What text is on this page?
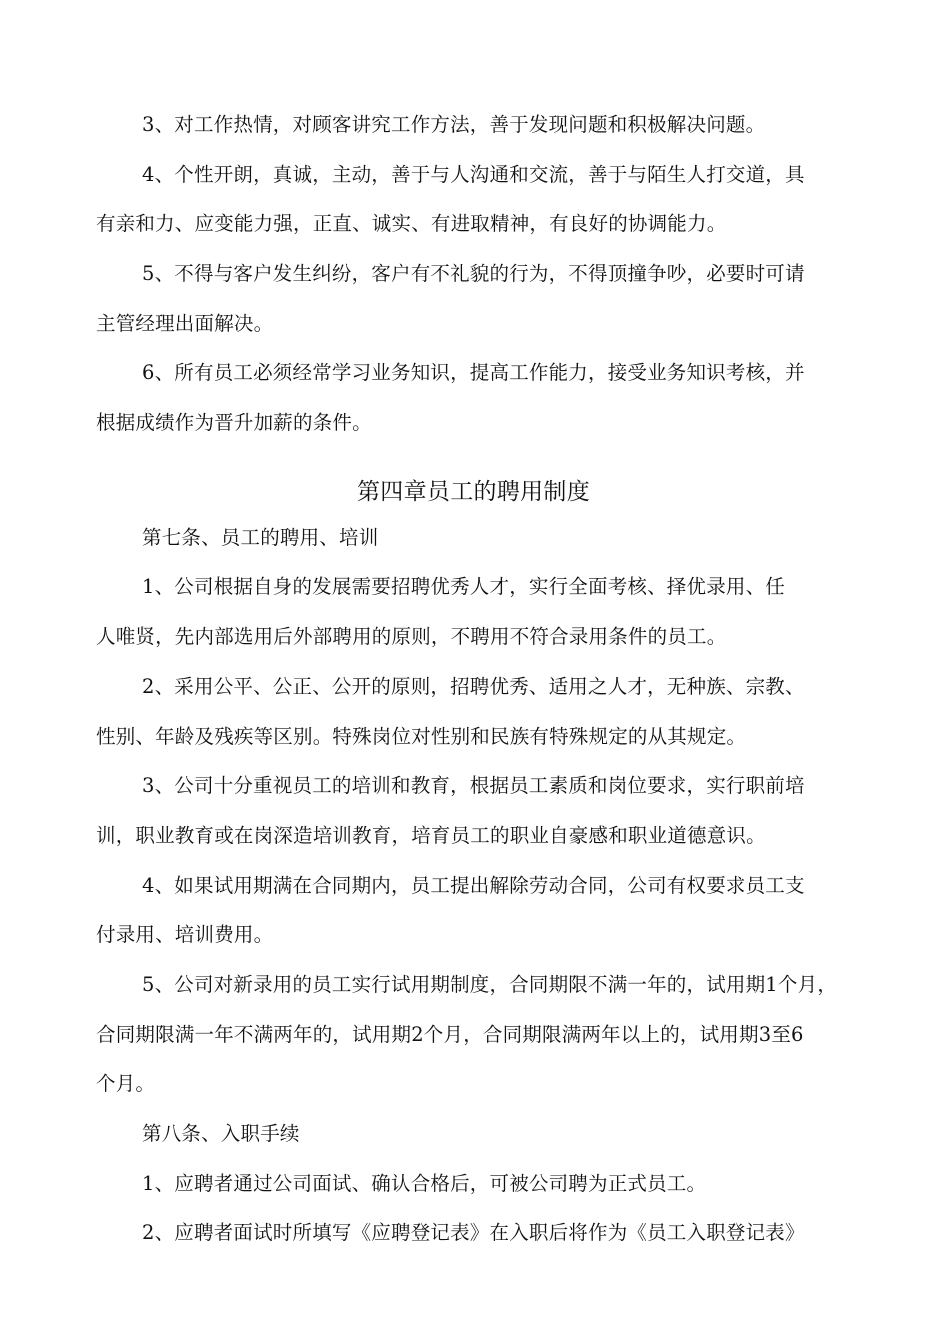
3、对工作热情，对顾客讲究工作方法，善于发现问题和积极解决问题。
4、个性开朗，真诚，主动，善于与人沟通和交流，善于与陌生人打交道，具
有亲和力、应变能力强，正直、诚实、有进取精神，有良好的协调能力。
5、不得与客户发生纠纷，客户有不礼貌的行为，不得顶撞争吵，必要时可请
主管经理出面解决。
6、所有员工必须经常学习业务知识，提高工作能力，接受业务知识考核，并
根据成绩作为晋升加薪的条件。
第四章员工的聘用制度
第七条、员工的聘用、培训
1、公司根据自身的发展需要招聘优秀人才，实行全面考核、择优录用、任
人唯贤，先内部选用后外部聘用的原则，不聘用不符合录用条件的员工。
2、采用公平、公正、公开的原则，招聘优秀、适用之人才，无种族、宗教、
性别、年龄及残疾等区别。特殊岗位对性别和民族有特殊规定的从其规定。
3、公司十分重视员工的培训和教育，根据员工素质和岗位要求，实行职前培
训，职业教育或在岗深造培训教育，培育员工的职业自豪感和职业道德意识。
4、如果试用期满在合同期内，员工提出解除劳动合同，公司有权要求员工支
付录用、培训费用。
5、公司对新录用的员工实行试用期制度，合同期限不满一年的，试用期1个月，
合同期限满一年不满两年的，试用期2个月，合同期限满两年以上的，试用期3至6
个月。
第八条、入职手续
1、应聘者通过公司面试、确认合格后，可被公司聘为正式员工。
2、应聘者面试时所填写《应聘登记表》在入职后将作为《员工入职登记表》
